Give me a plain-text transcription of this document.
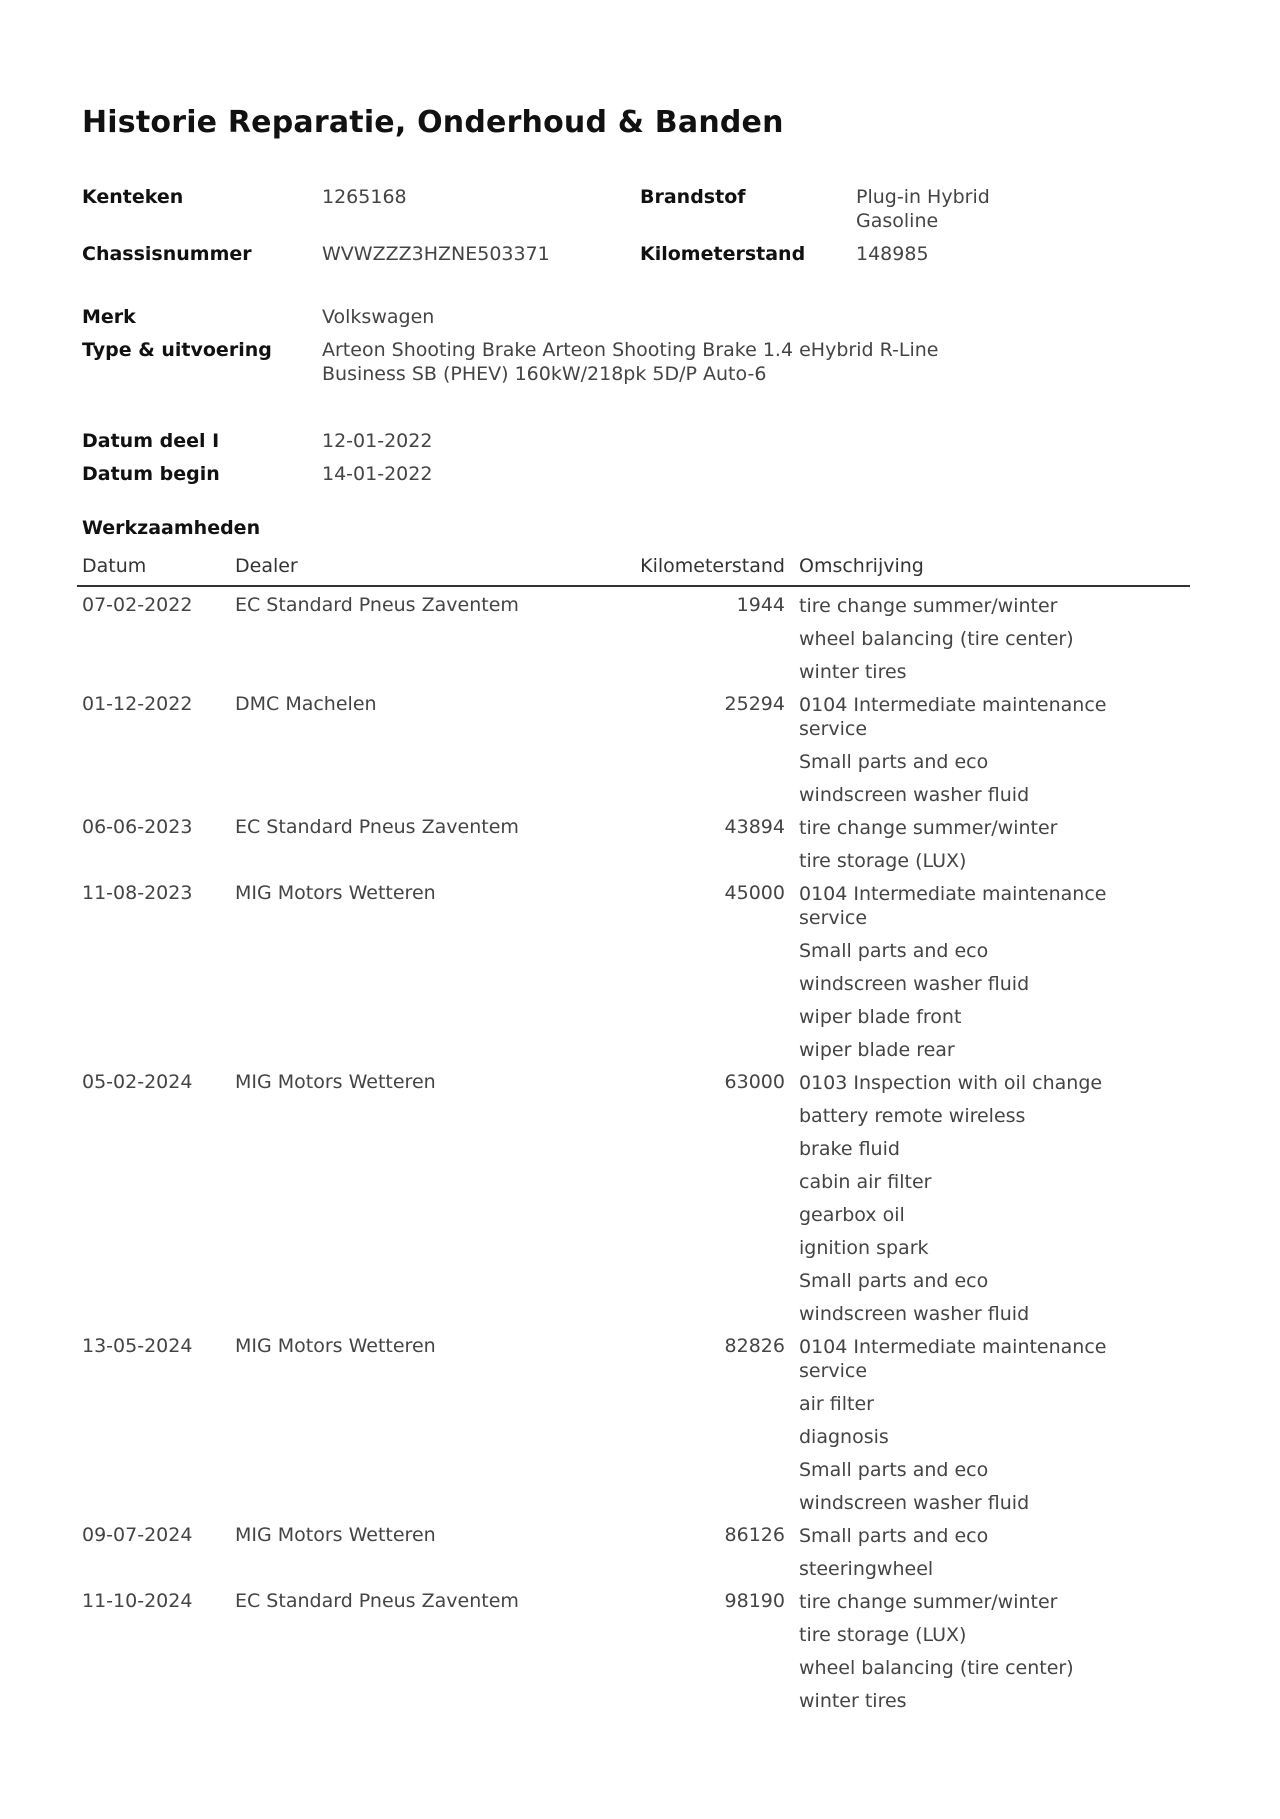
Historie Reparatie, Onderhoud & Banden
Kenteken	1265168	Brandstof	Plug-in Hybrid Gasoline
Chassisnummer	WVWZZZ3HZNE503371	Kilometerstand	148985
Merk	Volkswagen
Type & uitvoering	Arteon Shooting Brake Arteon Shooting Brake 1.4 eHybrid R-Line Business SB (PHEV) 160kW/218pk 5D/P Auto-6
Datum deel I	12-01-2022
Datum begin	14-01-2022
Werkzaamheden
Datum	Dealer	Kilometerstand Omschrijving
07-02-2022 EC Standard Pneus Zaventem	1944 tire change summer/winter
wheel balancing (tire center)
winter tires
01-12-2022 DMC Machelen	25294 0104 Intermediate maintenance service
Small parts and eco
windscreen washer fluid
06-06-2023 EC Standard Pneus Zaventem	43894 tire change summer/winter
tire storage (LUX)
11-08-2023 MIG Motors Wetteren	45000 0104 Intermediate maintenance service
Small parts and eco
windscreen washer fluid
wiper blade front
wiper blade rear
05-02-2024 MIG Motors Wetteren	63000 0103 Inspection with oil change
battery remote wireless
brake fluid
cabin air filter
gearbox oil
ignition spark
Small parts and eco
windscreen washer fluid
13-05-2024 MIG Motors Wetteren	82826 0104 Intermediate maintenance service
air filter
diagnosis
Small parts and eco
windscreen washer fluid
09-07-2024 MIG Motors Wetteren	86126 Small parts and eco
steeringwheel
11-10-2024 EC Standard Pneus Zaventem	98190 tire change summer/winter
tire storage (LUX)
wheel balancing (tire center)
winter tires
